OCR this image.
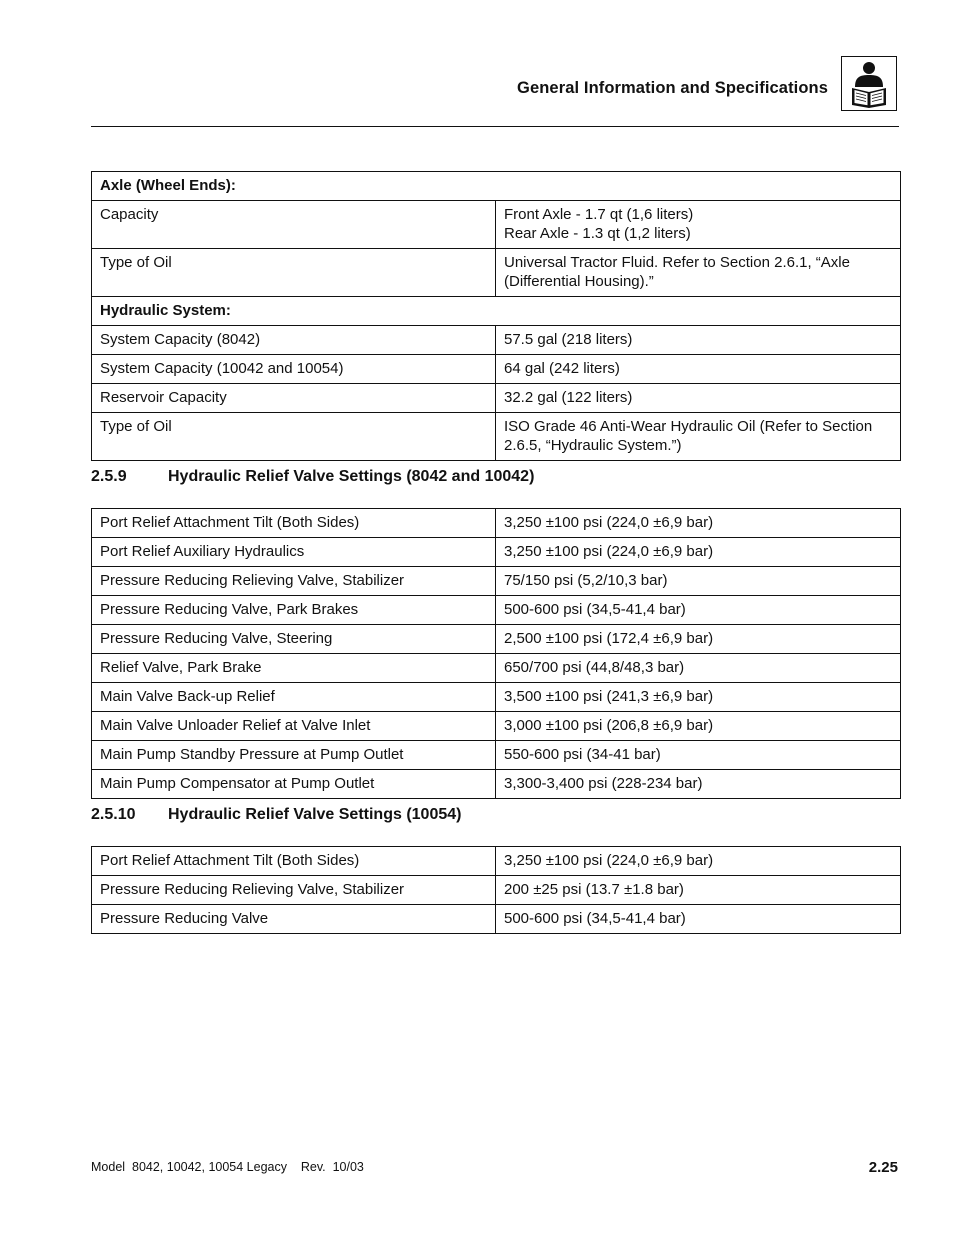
General Information and Specifications
Axle (Wheel Ends):	
Capacity	Front Axle - 1.7 qt (1,6 liters)
Rear Axle - 1.3 qt (1,2 liters)
Type of Oil	Universal Tractor Fluid. Refer to Section 2.6.1, “Axle (Differential Housing).”
Hydraulic System:	
System Capacity (8042)	57.5 gal (218 liters)
System Capacity (10042 and 10054)	64 gal (242 liters)
Reservoir Capacity	32.2 gal (122 liters)
Type of Oil	ISO Grade 46 Anti-Wear Hydraulic Oil (Refer to Section 2.6.5, “Hydraulic System.”)
2.5.9	Hydraulic Relief Valve Settings (8042 and 10042)
Port Relief Attachment Tilt (Both Sides)	3,250 ±100 psi (224,0 ±6,9 bar)
Port Relief Auxiliary Hydraulics	3,250 ±100 psi (224,0 ±6,9 bar)
Pressure Reducing Relieving Valve, Stabilizer	75/150 psi (5,2/10,3 bar)
Pressure Reducing Valve, Park Brakes	500-600 psi (34,5-41,4 bar)
Pressure Reducing Valve, Steering	2,500 ±100 psi (172,4 ±6,9 bar)
Relief Valve, Park Brake	650/700 psi (44,8/48,3 bar)
Main Valve Back-up Relief	3,500 ±100 psi (241,3 ±6,9 bar)
Main Valve Unloader Relief at Valve Inlet	3,000 ±100 psi (206,8 ±6,9 bar)
Main Pump Standby Pressure at Pump Outlet	550-600 psi (34-41 bar)
Main Pump Compensator at Pump Outlet	3,300-3,400 psi (228-234 bar)
2.5.10 Hydraulic Relief Valve Settings (10054)
Port Relief Attachment Tilt (Both Sides)	3,250 ±100 psi (224,0 ±6,9 bar)
Pressure Reducing Relieving Valve, Stabilizer	200 ±25 psi (13.7 ±1.8 bar)
Pressure Reducing Valve	500-600 psi (34,5-41,4 bar)
Model  8042, 10042, 10054 Legacy    Rev.  10/03	2.25
